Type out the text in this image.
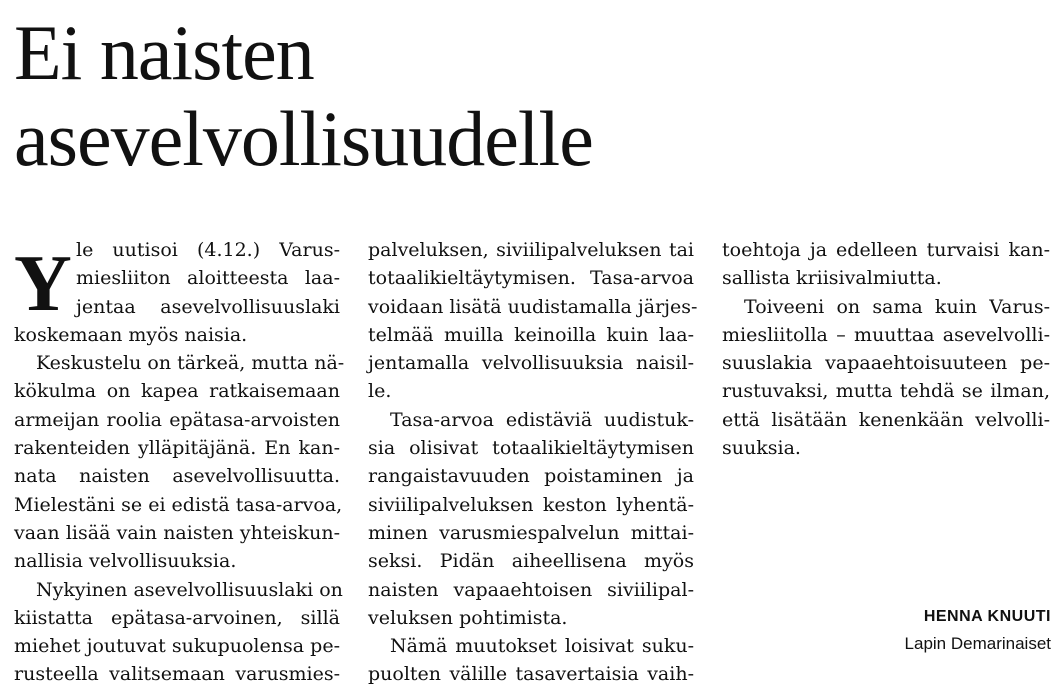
Ei naisten
asevelvollisuudelle
Y le uutisoi (4.12.) Varus-
miesliiton aloitteesta laa-
jentaa asevelvollisuuslaki
koskemaan myös naisia.
Keskustelu on tärkeä, mutta nä-
kökulma on kapea ratkaisemaan
armeijan roolia epätasa-arvoisten
rakenteiden ylläpitäjänä. En kan-
nata naisten asevelvollisuutta.
Mielestäni se ei edistä tasa-arvoa,
vaan lisää vain naisten yhteiskun-
nallisia velvollisuuksia.
Nykyinen asevelvollisuuslaki on
kiistatta epätasa-arvoinen, sillä
miehet joutuvat sukupuolensa pe-
rusteella valitsemaan varusmies-
palveluksen, siviilipalveluksen tai
totaalikieltäytymisen. Tasa-arvoa
voidaan lisätä uudistamalla järjes-
telmää muilla keinoilla kuin laa-
jentamalla velvollisuuksia naisil-
le.
Tasa-arvoa edistäviä uudistuk-
sia olisivat totaalikieltäytymisen
rangaistavuuden poistaminen ja
siviilipalveluksen keston lyhentä-
minen varusmiespalvelun mittai-
seksi. Pidän aiheellisena myös
naisten vapaaehtoisen siviilipal-
veluksen pohtimista.
Nämä muutokset loisivat suku-
puolten välille tasavertaisia vaih-
toehtoja ja edelleen turvaisi kan-
sallista kriisivalmiutta.
Toiveeni on sama kuin Varus-
miesliitolla – muuttaa asevelvolli-
suuslakia vapaaehtoisuuteen pe-
rustuvaksi, mutta tehdä se ilman,
että lisätään kenenkään velvolli-
suuksia.
HENNA KNUUTI
Lapin Demarinaiset
